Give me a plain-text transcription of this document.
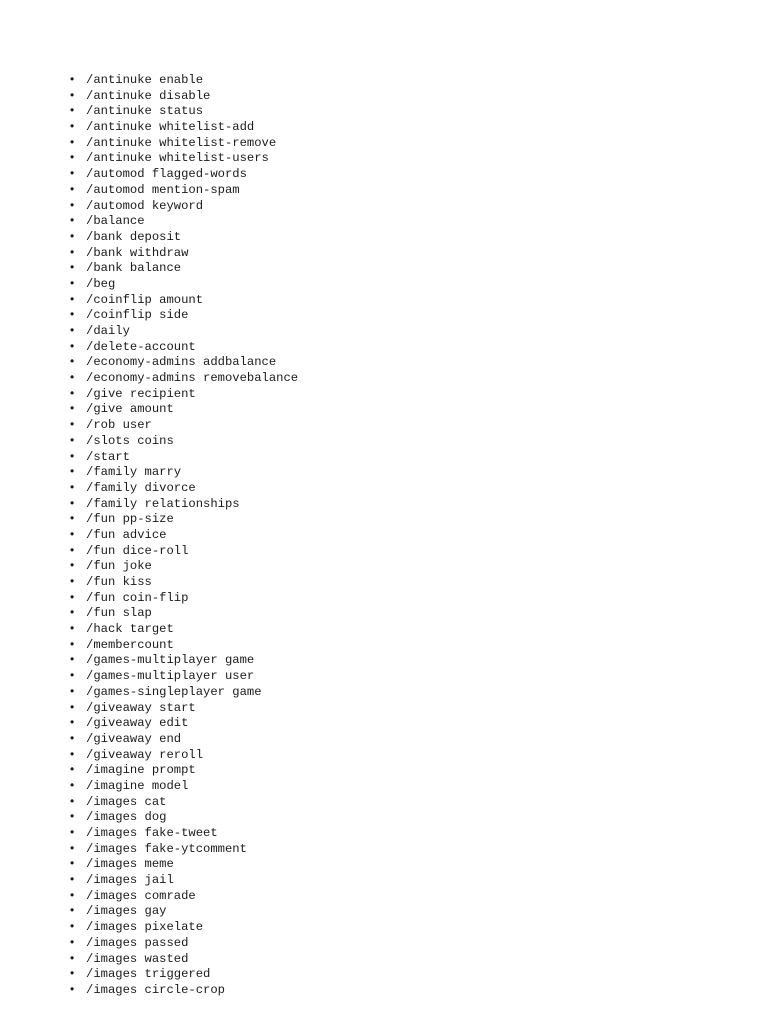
• /antinuke enable
• /antinuke disable
• /antinuke status
• /antinuke whitelist-add
• /antinuke whitelist-remove
• /antinuke whitelist-users
• /automod flagged-words
• /automod mention-spam
• /automod keyword
• /balance
• /bank deposit
• /bank withdraw
• /bank balance
• /beg
• /coinflip amount
• /coinflip side
• /daily
• /delete-account
• /economy-admins addbalance
• /economy-admins removebalance
• /give recipient
• /give amount
• /rob user
• /slots coins
• /start
• /family marry
• /family divorce
• /family relationships
• /fun pp-size
• /fun advice
• /fun dice-roll
• /fun joke
• /fun kiss
• /fun coin-flip
• /fun slap
• /hack target
• /membercount
• /games-multiplayer game
• /games-multiplayer user
• /games-singleplayer game
• /giveaway start
• /giveaway edit
• /giveaway end
• /giveaway reroll
• /imagine prompt
• /imagine model
• /images cat
• /images dog
• /images fake-tweet
• /images fake-ytcomment
• /images meme
• /images jail
• /images comrade
• /images gay
• /images pixelate
• /images passed
• /images wasted
• /images triggered
• /images circle-crop
